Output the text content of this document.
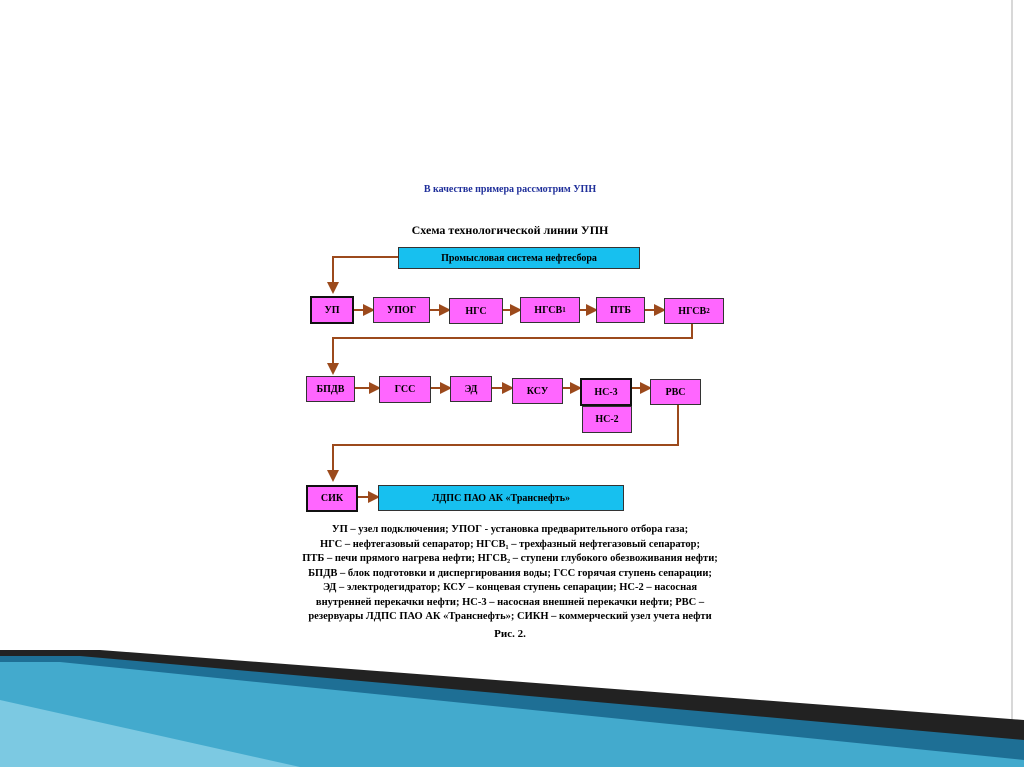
В качестве примера рассмотрим УПН
Схема технологической линии УПН
Промысловая система нефтесбора
УП	УПОГ	НГС	НГСВ 1	ПТБ	НГСВ 2
БПДВ	ГСС	ЭД	КСУ	НС-3
НС-2
РВС
СИК	ЛДПС ПАО АК «Транснефть»
УП – узел подключения; УПОГ - установка предварительного отбора газа;
НГС – нефтегазовый сепаратор; НГСВ₁ – трехфазный нефтегазовый сепаратор;
ПТБ – печи прямого нагрева нефти; НГСВ₂ – ступени глубокого обезвоживания нефти;
БПДВ – блок подготовки и диспергирования воды; ГСС горячая ступень сепарации;
ЭД – электродегидратор; КСУ – концевая ступень сепарации; НС-2 – насосная
внутренней перекачки нефти; НС-3 – насосная внешней перекачки нефти; РВС –
резервуары ЛДПС ПАО АК «Транснефть»; СИКН – коммерческий узел учета нефти
Рис. 2.
